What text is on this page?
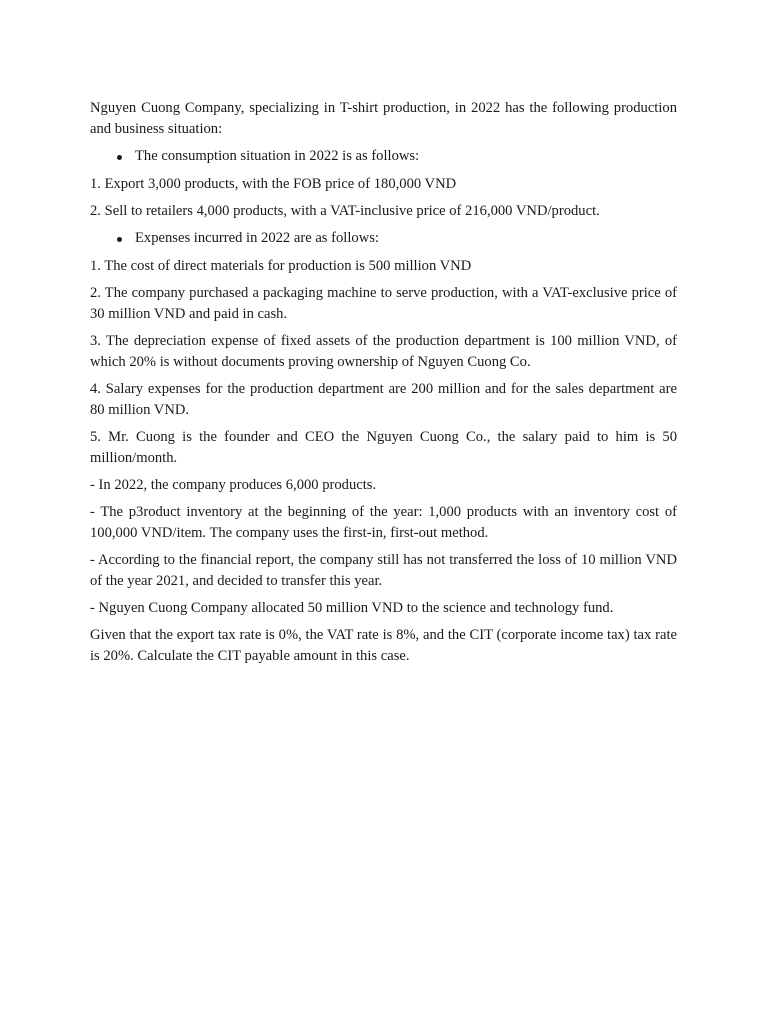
Nguyen Cuong Company, specializing in T-shirt production, in 2022 has the following production and business situation:

The consumption situation in 2022 is as follows:

1. Export 3,000 products, with the FOB price of 180,000 VND

2. Sell to retailers 4,000 products, with a VAT-inclusive price of 216,000 VND/product.

Expenses incurred in 2022 are as follows:

1. The cost of direct materials for production is 500 million VND

2. The company purchased a packaging machine to serve production, with a VAT-exclusive price of 30 million VND and paid in cash.

3. The depreciation expense of fixed assets of the production department is 100 million VND, of which 20% is without documents proving ownership of Nguyen Cuong Co.

4. Salary expenses for the production department are 200 million and for the sales department are 80 million VND.

5. Mr. Cuong is the founder and CEO the Nguyen Cuong Co., the salary paid to him is 50 million/month.

- In 2022, the company produces 6,000 products.

- The p3roduct inventory at the beginning of the year: 1,000 products with an inventory cost of 100,000 VND/item. The company uses the first-in, first-out method.

- According to the financial report, the company still has not transferred the loss of 10 million VND of the year 2021, and decided to transfer this year.

- Nguyen Cuong Company allocated 50 million VND to the science and technology fund.

Given that the export tax rate is 0%, the VAT rate is 8%, and the CIT (corporate income tax) tax rate is 20%. Calculate the CIT payable amount in this case.
